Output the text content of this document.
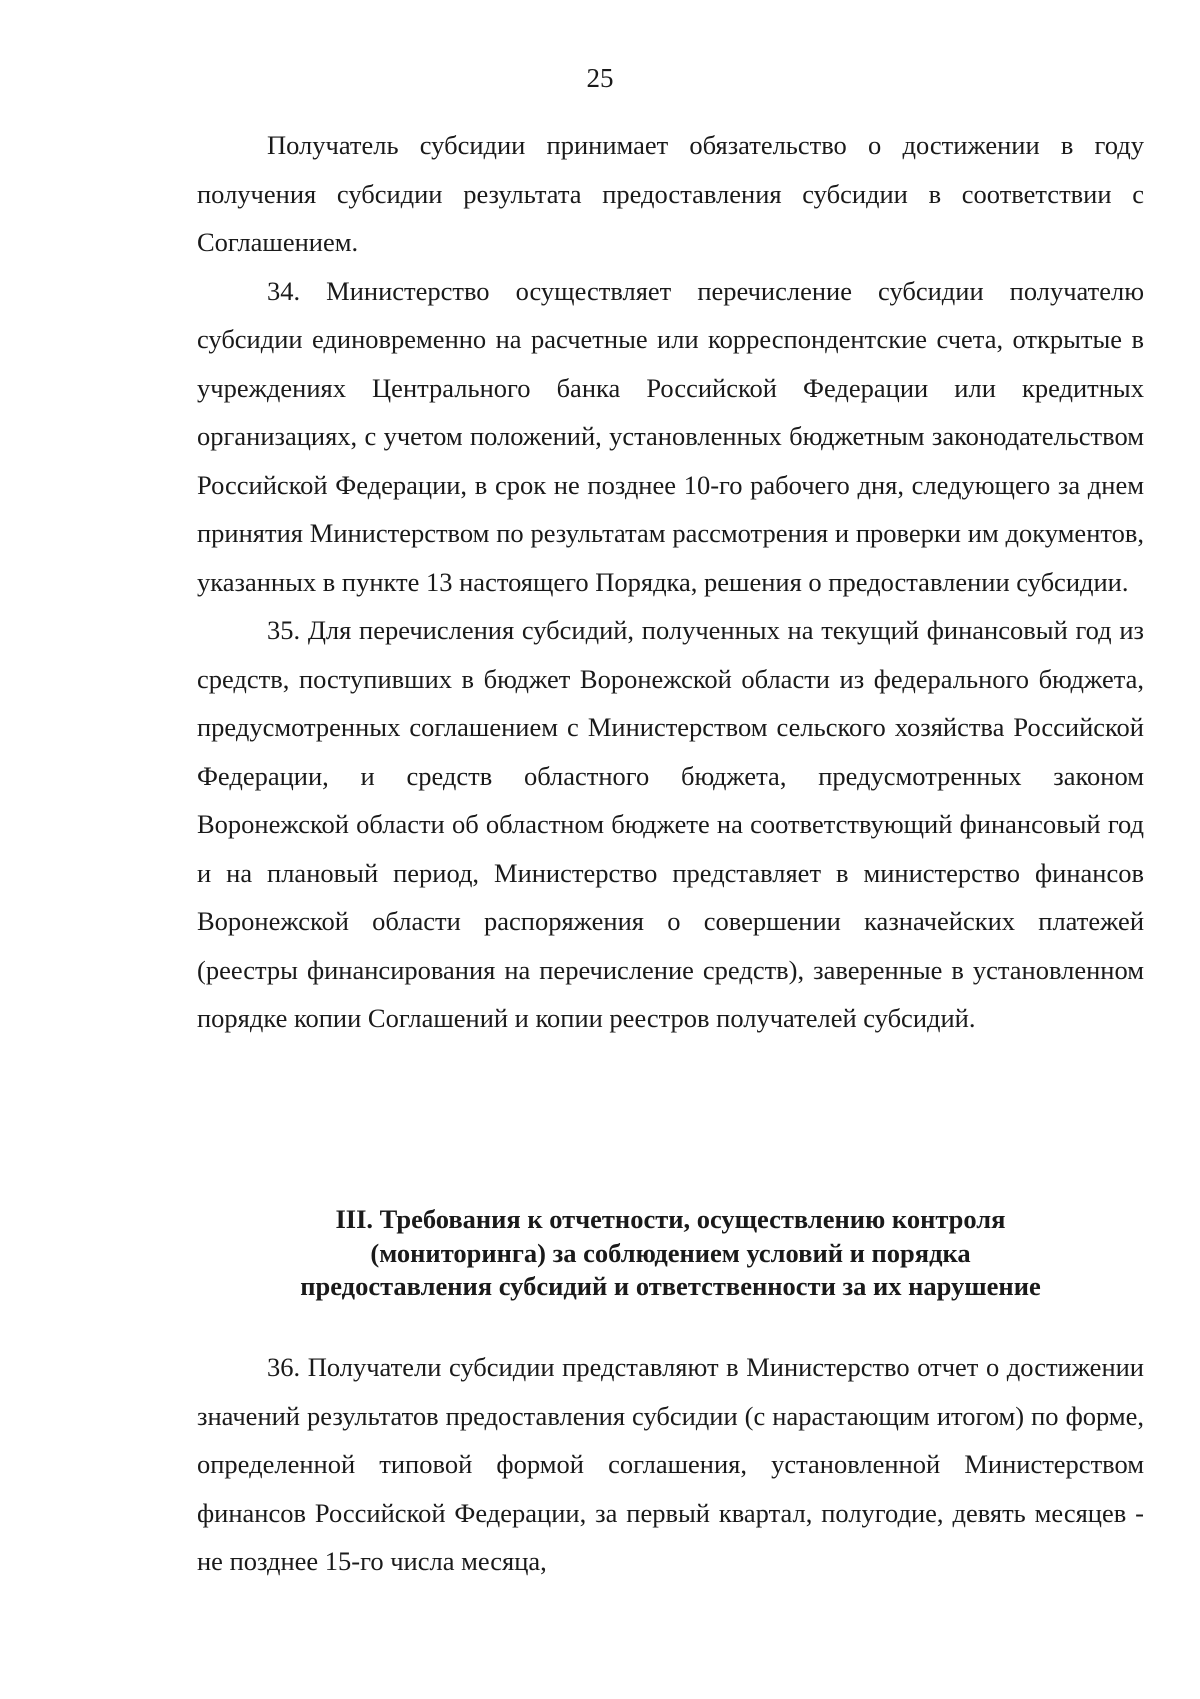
25

Получатель субсидии принимает обязательство о достижении в году получения субсидии результата предоставления субсидии в соответствии с Соглашением.

34. Министерство осуществляет перечисление субсидии получателю субсидии единовременно на расчетные или корреспондентские счета, открытые в учреждениях Центрального банка Российской Федерации или кредитных организациях, с учетом положений, установленных бюджетным законодательством Российской Федерации, в срок не позднее 10-го рабочего дня, следующего за днем принятия Министерством по результатам рассмотрения и проверки им документов, указанных в пункте 13 настоящего Порядка, решения о предоставлении субсидии.

35. Для перечисления субсидий, полученных на текущий финансовый год из средств, поступивших в бюджет Воронежской области из федерального бюджета, предусмотренных соглашением с Министерством сельского хозяйства Российской Федерации, и средств областного бюджета, предусмотренных законом Воронежской области об областном бюджете на соответствующий финансовый год и на плановый период, Министерство представляет в министерство финансов Воронежской области распоряжения о совершении казначейских платежей (реестры финансирования на перечисление средств), заверенные в установленном порядке копии Соглашений и копии реестров получателей субсидий.

III. Требования к отчетности, осуществлению контроля
(мониторинга) за соблюдением условий и порядка
предоставления субсидий и ответственности за их нарушение

36. Получатели субсидии представляют в Министерство отчет о достижении значений результатов предоставления субсидии (с нарастающим итогом) по форме, определенной типовой формой соглашения, установленной Министерством финансов Российской Федерации, за первый квартал, полугодие, девять месяцев - не позднее 15-го числа месяца,
